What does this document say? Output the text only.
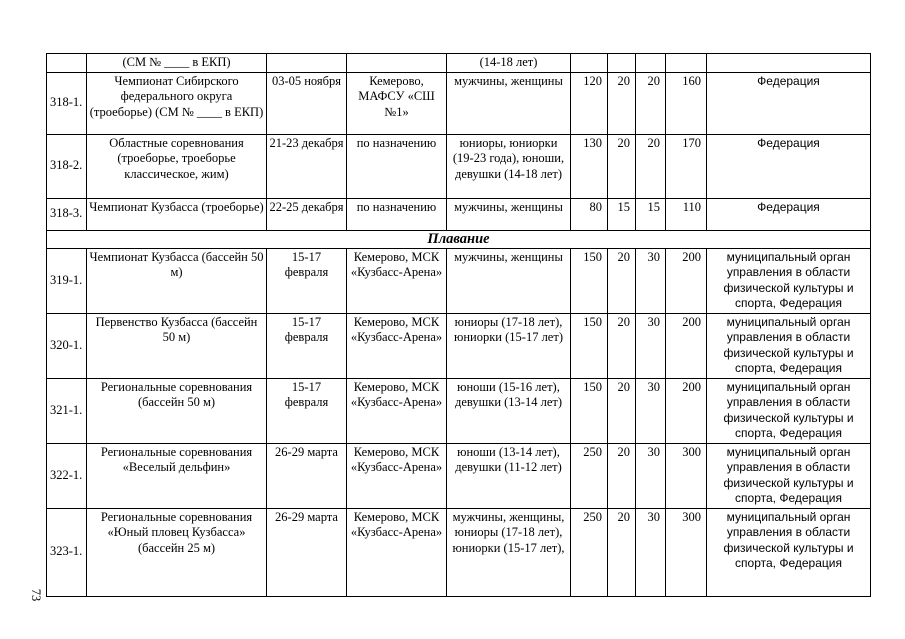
	(СМ № ____ в ЕКП)			(14-18 лет)					
318-1.	Чемпионат Сибирского федерального округа (троеборье) (СМ № ____ в ЕКП)	03-05 ноября	Кемерово, МАФСУ «СШ №1»	мужчины, женщины	120	20	20	160	Федерация
318-2.	Областные соревнования (троеборье, троеборье классическое, жим)	21-23 декабря	по назначению	юниоры, юниорки (19-23 года), юноши, девушки (14-18 лет)	130	20	20	170	Федерация
318-3.	Чемпионат Кузбасса (троеборье)	22-25 декабря	по назначению	мужчины, женщины	80	15	15	110	Федерация
Плавание									
319-1.	Чемпионат Кузбасса (бассейн 50 м)	15-17 февраля	Кемерово, МСК «Кузбасс-Арена»	мужчины, женщины	150	20	30	200	муниципальный орган управления в области физической культуры и спорта, Федерация
320-1.	Первенство Кузбасса (бассейн 50 м)	15-17 февраля	Кемерово, МСК «Кузбасс-Арена»	юниоры (17-18 лет), юниорки (15-17 лет)	150	20	30	200	муниципальный орган управления в области физической культуры и спорта, Федерация
321-1.	Региональные соревнования (бассейн 50 м)	15-17 февраля	Кемерово, МСК «Кузбасс-Арена»	юноши (15-16 лет), девушки (13-14 лет)	150	20	30	200	муниципальный орган управления в области физической культуры и спорта, Федерация
322-1.	Региональные соревнования «Веселый дельфин»	26-29 марта	Кемерово, МСК «Кузбасс-Арена»	юноши (13-14 лет), девушки (11-12 лет)	250	20	30	300	муниципальный орган управления в области физической культуры и спорта, Федерация
323-1.	Региональные соревнования «Юный пловец Кузбасса» (бассейн 25 м)	26-29 марта	Кемерово, МСК «Кузбасс-Арена»	мужчины, женщины, юниоры (17-18 лет), юниорки (15-17 лет),	250	20	30	300	муниципальный орган управления в области физической культуры и спорта, Федерация
73
